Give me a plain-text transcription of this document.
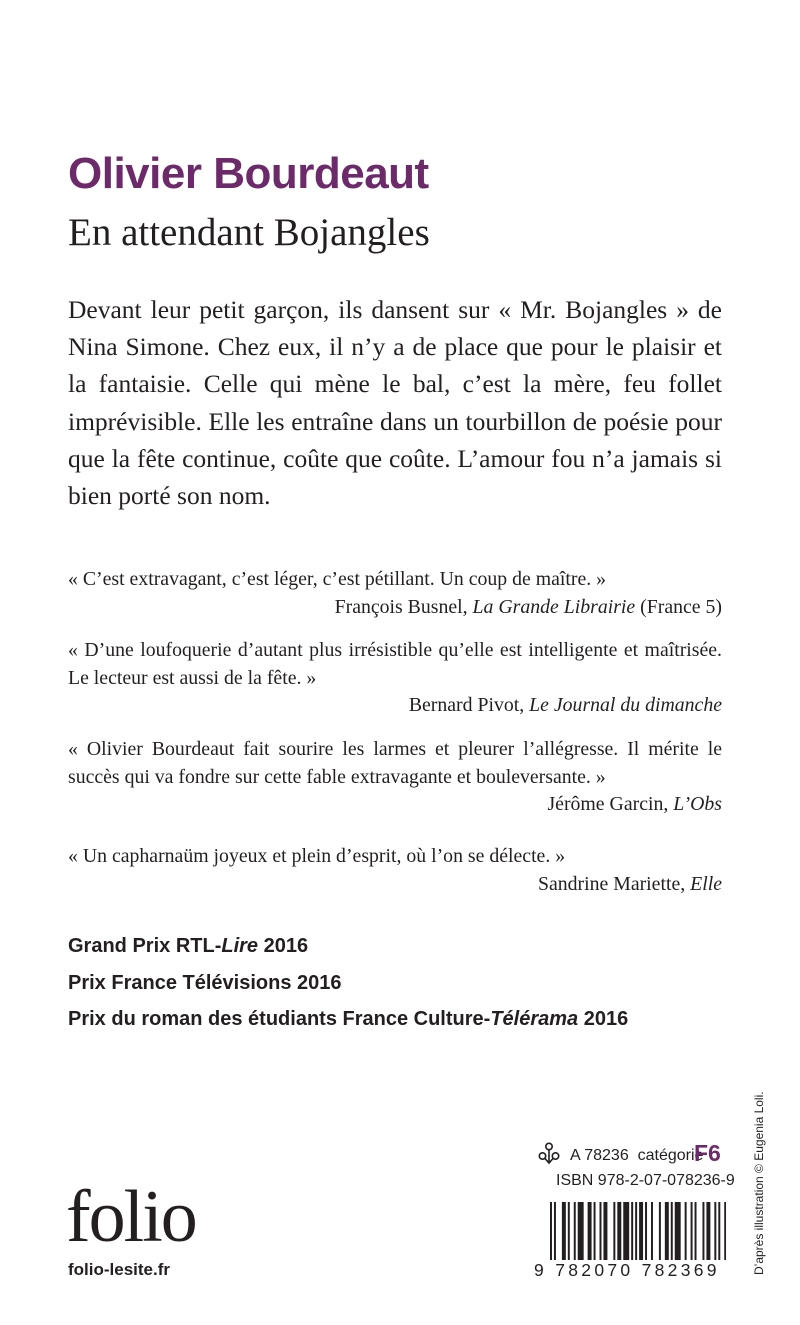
Olivier Bourdeaut
En attendant Bojangles

Devant leur petit garçon, ils dansent sur « Mr. Bojangles » de Nina Simone. Chez eux, il n’y a de place que pour le plaisir et la fantaisie. Celle qui mène le bal, c’est la mère, feu follet imprévisible. Elle les entraîne dans un tourbillon de poésie pour que la fête continue, coûte que coûte. L’amour fou n’a jamais si bien porté son nom.

« C’est extravagant, c’est léger, c’est pétillant. Un coup de maître. »
François Busnel, La Grande Librairie (France 5)
« D’une loufoquerie d’autant plus irrésistible qu’elle est intelligente et maîtrisée. Le lecteur est aussi de la fête. »
Bernard Pivot, Le Journal du dimanche
« Olivier Bourdeaut fait sourire les larmes et pleurer l’allégresse. Il mérite le succès qui va fondre sur cette fable extravagante et bouleversante. »
Jérôme Garcin, L’Obs
« Un capharnaüm joyeux et plein d’esprit, où l’on se délecte. »
Sandrine Mariette, Elle
Grand Prix RTL-Lire 2016
Prix France Télévisions 2016
Prix du roman des étudiants France Culture-Télérama 2016
folio
folio-lesite.fr
A 78236 catégorie
F6
ISBN 978-2-07-078236-9
9 782070 782369	D’après illustration © Eugenia Loli.
